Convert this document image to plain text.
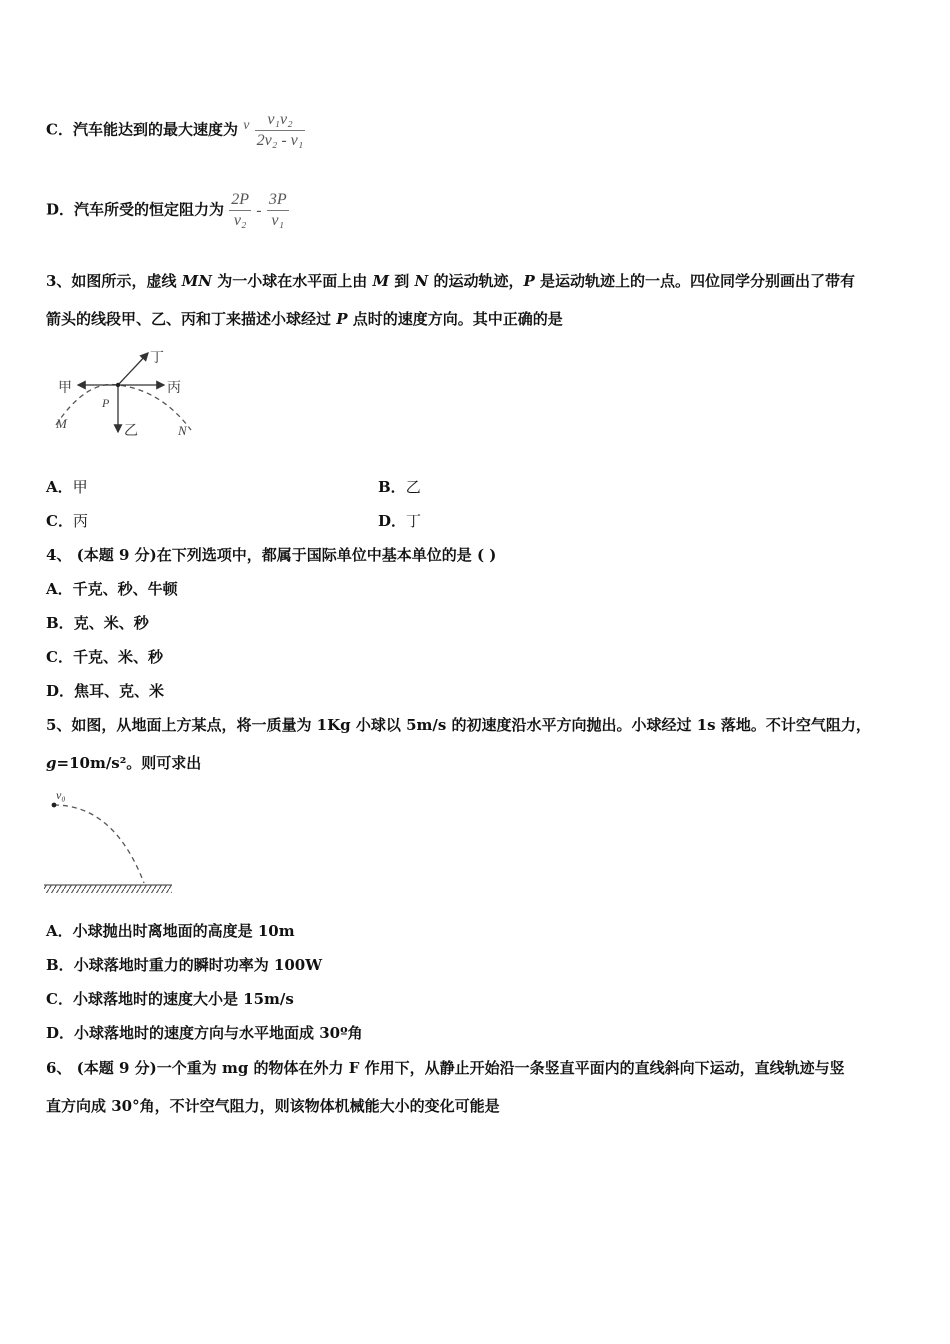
C．汽车能达到的最大速度为 v $\frac{\text{v₁v₂}}{\text{2v₂ - v₁}}$
D．汽车所受的恒定阻力为 $\frac{2P}{\text{v₂}} - \frac{3P}{\text{v₁}}$
3、如图所示，虚线 MN 为一小球在水平面上由 M 到 N 的运动轨迹，P 是运动轨迹上的一点。四位同学分别画出了带有
箭头的线段甲、乙、丙和丁来描述小球经过 P 点时的速度方向。其中正确的是
甲	丙
乙
丁
P
M	N
A．甲	B．乙
C．丙	D．丁
4、 (本题 9 分)在下列选项中，都属于国际单位中基本单位的是 ( )
A．千克、秒、牛顿
B．克、米、秒
C．千克、米、秒
D．焦耳、克、米
5、如图，从地面上方某点，将一质量为 1Kg 小球以 5m/s 的初速度沿水平方向抛出。小球经过 1s 落地。不计空气阻力，
g=10m/s²。则可求出
v₀
A．小球抛出时离地面的高度是 10m
B．小球落地时重力的瞬时功率为 100W
C．小球落地时的速度大小是 15m/s
D．小球落地时的速度方向与水平地面成 30º角
6、 (本题 9 分)一个重为 mg 的物体在外力 F 作用下，从静止开始沿一条竖直平面内的直线斜向下运动，直线轨迹与竖
直方向成 30°角，不计空气阻力，则该物体机械能大小的变化可能是
